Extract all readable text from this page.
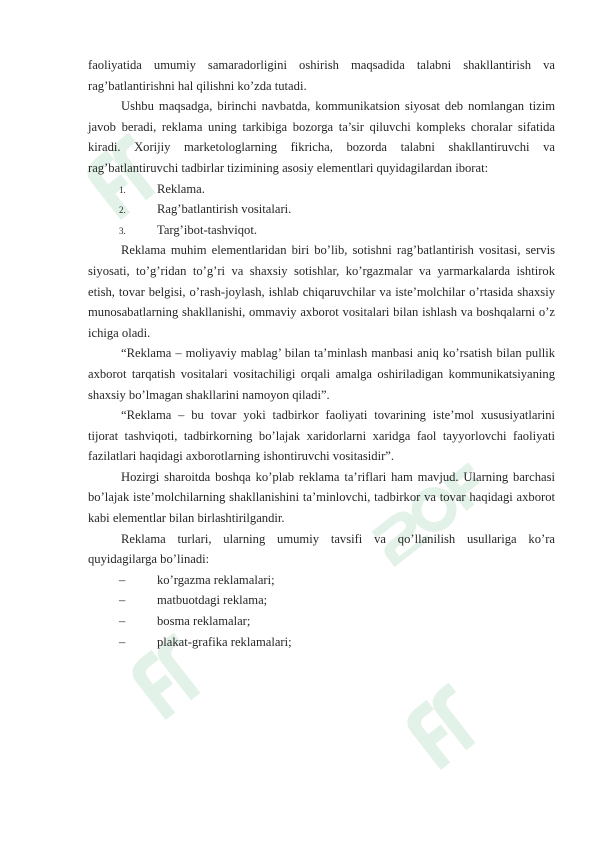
faoliyatida umumiy samaradorligini oshirish maqsadida talabni shakllantirish va rag’batlantirishni hal qilishni ko’zda tutadi.

Ushbu maqsadga, birinchi navbatda, kommunikatsion siyosat deb nomlangan tizim javob beradi, reklama uning tarkibiga bozorga ta’sir qiluvchi kompleks choralar sifatida kiradi. Xorijiy marketologlarning fikricha, bozorda talabni shakllantiruvchi va rag’batlantiruvchi tadbirlar tizimining asosiy elementlari quyidagilardan iborat:

1. Reklama.
2. Rag’batlantirish vositalari.
3. Targ’ibot-tashviqot.

Reklama muhim elementlaridan biri bo’lib, sotishni rag’batlantirish vositasi, servis siyosati, to’g’ridan to’g’ri va shaxsiy sotishlar, ko’rgazmalar va yarmarkalarda ishtirok etish, tovar belgisi, o’rash-joylash, ishlab chiqaruvchilar va iste’molchilar o’rtasida shaxsiy munosabatlarning shakllanishi, ommaviy axborot vositalari bilan ishlash va boshqalarni o’z ichiga oladi.

“Reklama – moliyaviy mablag’ bilan ta’minlash manbasi aniq ko’rsatish bilan pullik axborot tarqatish vositalari vositachiligi orqali amalga oshiriladigan kommunikatsiyaning shaxsiy bo’lmagan shakllarini namoyon qiladi”.

“Reklama – bu tovar yoki tadbirkor faoliyati tovarining iste’mol xususiyatlarini tijorat tashviqoti, tadbirkorning bo’lajak xaridorlarni xaridga faol tayyorlovchi faoliyati fazilatlari haqidagi axborotlarning ishontiruvchi vositasidir”.

Hozirgi sharoitda boshqa ko’plab reklama ta’riflari ham mavjud. Ularning barchasi bo’lajak iste’molchilarning shakllanishini ta’minlovchi, tadbirkor va tovar haqidagi axborot kabi elementlar bilan birlashtirilgandir.

Reklama turlari, ularning umumiy tavsifi va qo’llanilish usullariga ko’ra quyidagilarga bo’linadi:

–	ko’rgazma reklamalari;
–	matbuotdagi reklama;
–	bosma reklamalar;
–	plakat-grafika reklamalari;
